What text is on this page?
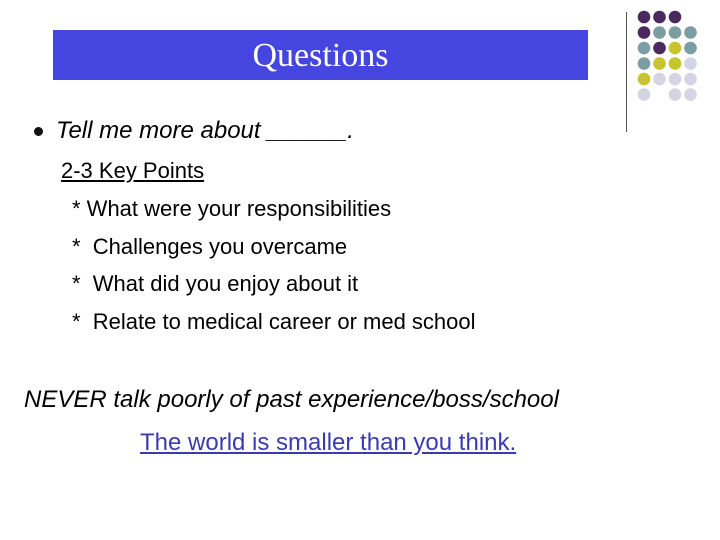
Questions
Tell me more about ______.
2-3 Key Points
* What were your responsibilities
*  Challenges you overcame
*  What did you enjoy about it
*  Relate to medical career or med school
NEVER talk poorly of past experience/boss/school
The world is smaller than you think.
